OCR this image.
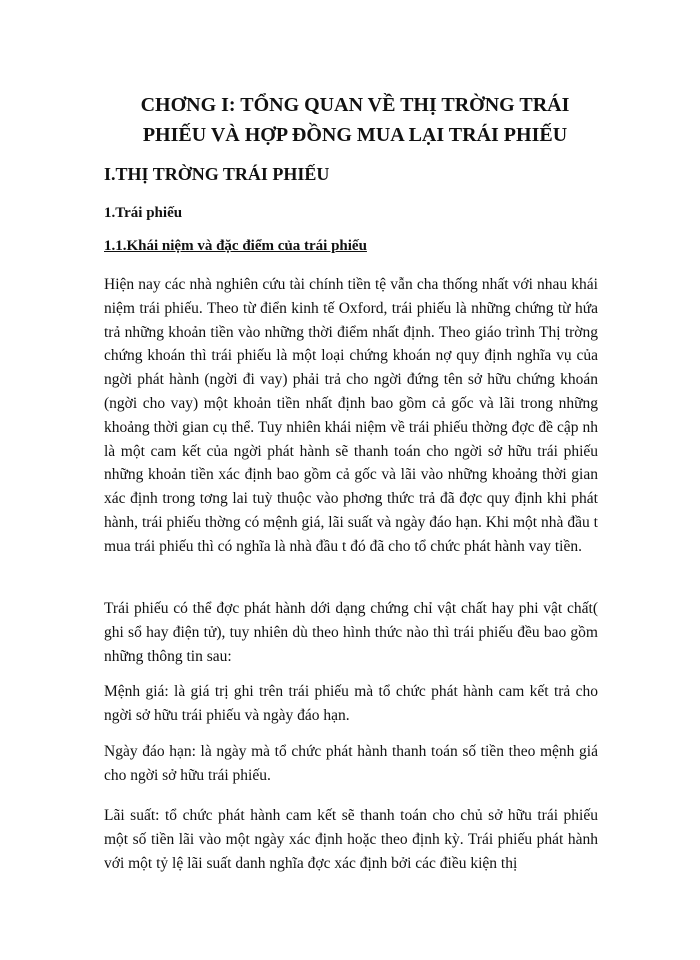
CHƠNG I: TỔNG QUAN VỀ THỊ TRỜNG TRÁI
PHIẾU VÀ HỢP ĐỒNG MUA LẠI TRÁI PHIẾU
I.THỊ TRỜNG TRÁI PHIẾU
1.Trái phiếu
1.1.Khái niệm và đặc điểm của trái phiếu

Hiện nay các nhà nghiên cứu tài chính tiền tệ vẫn cha thống nhất với nhau khái niệm trái phiếu. Theo từ điển kinh tế Oxford, trái phiếu là những chứng từ hứa trả những khoản tiền vào những thời điểm nhất định. Theo giáo trình Thị trờng chứng khoán thì trái phiếu là một loại chứng khoán nợ quy định nghĩa vụ của ngời phát hành (ngời đi vay) phải trả cho ngời đứng tên sở hữu chứng khoán (ngời cho vay) một khoản tiền nhất định bao gồm cả gốc và lãi trong những khoảng thời gian cụ thể. Tuy nhiên khái niệm về trái phiếu thờng đợc đề cập nh là một cam kết của ngời phát hành sẽ thanh toán cho ngời sở hữu trái phiếu những khoản tiền xác định bao gồm cả gốc và lãi vào những khoảng thời gian xác định trong tơng lai tuỳ thuộc vào phơng thức trả đã đợc quy định khi phát hành, trái phiếu thờng có mệnh giá, lãi suất và ngày đáo hạn. Khi một nhà đầu t mua trái phiếu thì có nghĩa là nhà đầu t đó đã cho tổ chức phát hành vay tiền.

Trái phiếu có thể đợc phát hành dới dạng chứng chỉ vật chất hay phi vật chất( ghi sổ hay điện tử), tuy nhiên dù theo hình thức nào thì trái phiếu đều bao gồm những thông tin sau:

Mệnh giá: là giá trị ghi trên trái phiếu mà tổ chức phát hành cam kết trả cho ngời sở hữu trái phiếu và ngày đáo hạn.

Ngày đáo hạn: là ngày mà tổ chức phát hành thanh toán số tiền theo mệnh giá cho ngời sở hữu trái phiếu.

Lãi suất: tổ chức phát hành cam kết sẽ thanh toán cho chủ sở hữu trái phiếu một số tiền lãi vào một ngày xác định hoặc theo định kỳ. Trái phiếu phát hành với một tỷ lệ lãi suất danh nghĩa đợc xác định bởi các điều kiện thị
